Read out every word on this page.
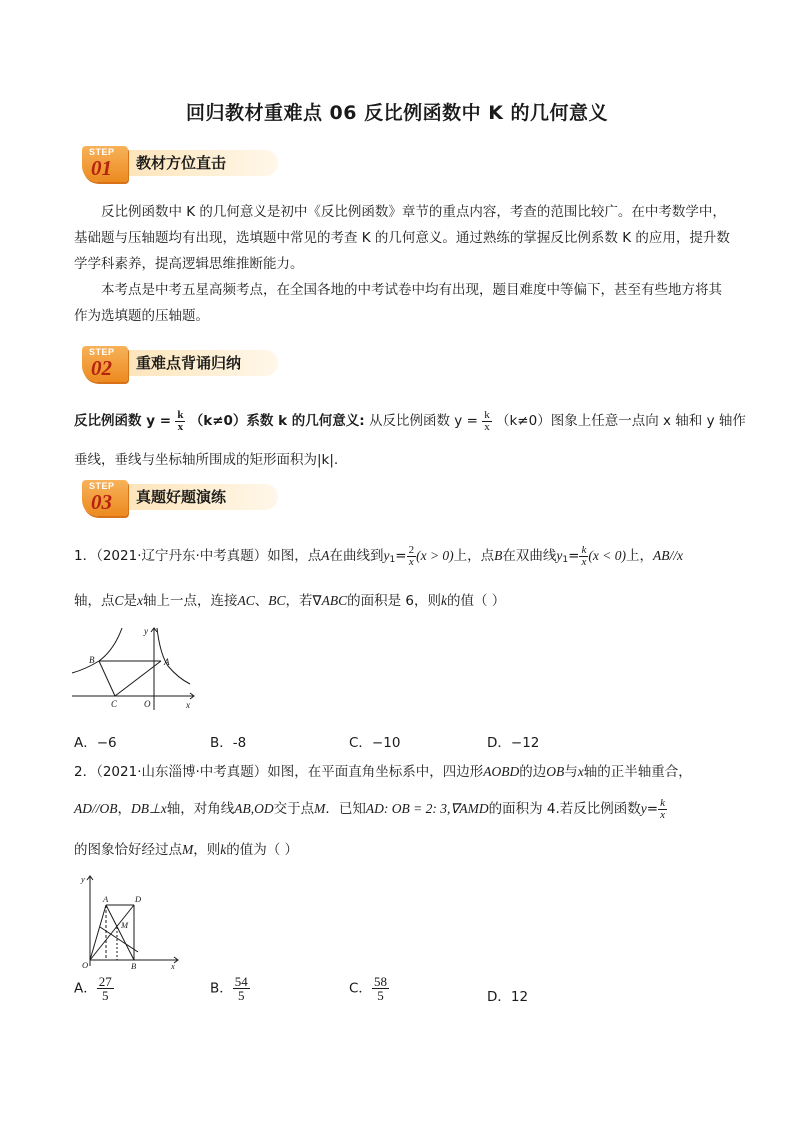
回归教材重难点 06 反比例函数中 K 的几何意义
STEP
01 教材方位直击

反比例函数中 K 的几何意义是初中《反比例函数》章节的重点内容，考查的范围比较广。在中考数学中，基础题与压轴题均有出现，选填题中常见的考查 K 的几何意义。通过熟练的掌握反比例系数 K 的应用，提升数学学科素养，提高逻辑思维推断能力。

本考点是中考五星高频考点，在全国各地的中考试卷中均有出现，题目难度中等偏下，甚至有些地方将其作为选填题的压轴题。

STEP
02 重难点背诵归纳
反比例函数 $y = \frac{k}{x} (k\ne 0)$系数 k 的几何意义: 从反比例函数 $y = \frac{k}{x} (k\ne 0)$图象上任意一点向 x 轴和 y 轴作
垂线，垂线与坐标轴所围成的矩形面积为|k|.
STEP
03 真题好题演练
1．（2021·辽宁丹东·中考真题）如图，点A在曲线到$y_1= \frac{2}{x} (x > 0)$上，点B在双曲线$y_1= \frac{k}{x} (x < 0)$上，AB//x
轴，点C是x轴上一点，连接AC、BC，若∇ABC的面积是 6，则k的值（ ）
B	A
C	O	x
y
A．−6	B．-8	C．−10	D．−12
2．（2021·山东淄博·中考真题）如图，在平面直角坐标系中，四边形AOBD的边OB与x轴的正半轴重合，
AD//OB，DB⊥x轴，对角线AB,OD交于点M．已知AD: OB = 2: 3,∇AMD的面积为 4.若反比例函数$y= \frac{k}{x}$
的图象恰好经过点M，则k的值为（ ）
A	D
M
O	B	x
y
A． $\frac{27}{5}$	B． $\frac{54}{5}$	C． $\frac{58}{5}$	D．12
